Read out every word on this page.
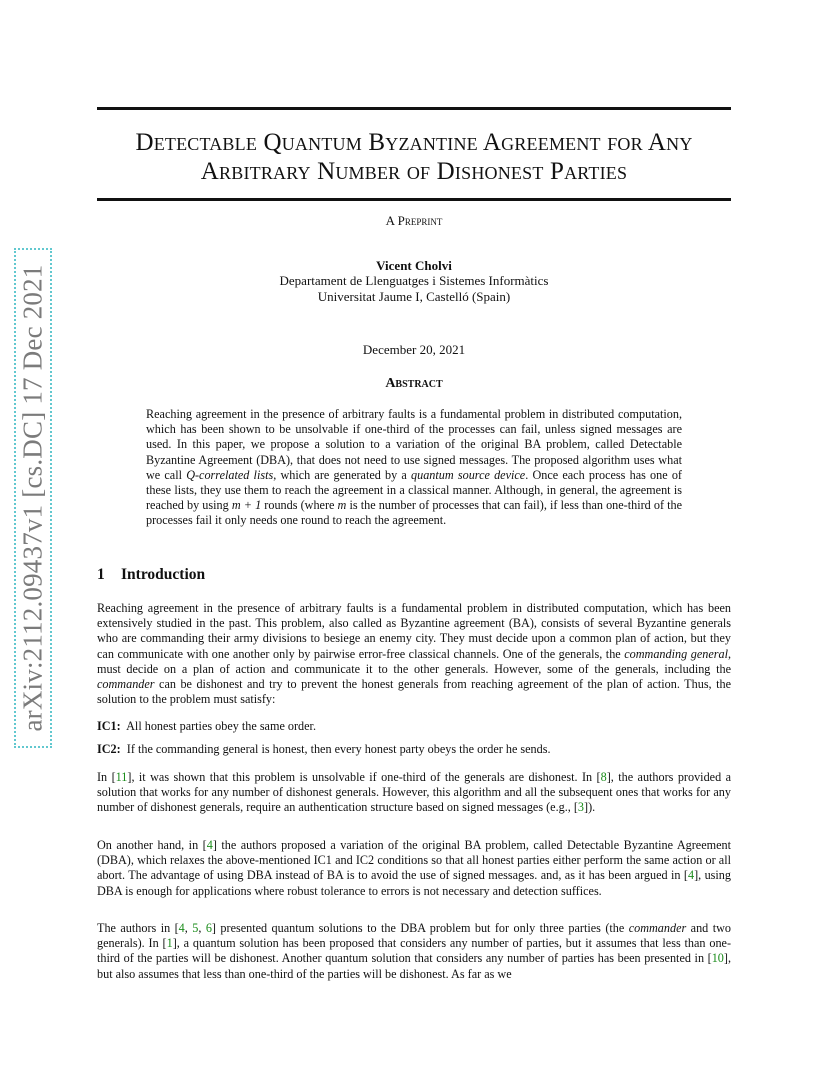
arXiv:2112.09437v1 [cs.DC] 17 Dec 2021
Detectable Quantum Byzantine Agreement for Any
Arbitrary Number of Dishonest Parties
A Preprint
Vicent Cholvi
Departament de Llenguatges i Sistemes Informàtics
Universitat Jaume I, Castelló (Spain)
December 20, 2021
Abstract

Reaching agreement in the presence of arbitrary faults is a fundamental problem in distributed computation, which has been shown to be unsolvable if one-third of the processes can fail, unless signed messages are used. In this paper, we propose a solution to a variation of the original BA problem, called Detectable Byzantine Agreement (DBA), that does not need to use signed messages. The proposed algorithm uses what we call Q-correlated lists, which are generated by a quantum source device. Once each process has one of these lists, they use them to reach the agreement in a classical manner. Although, in general, the agreement is reached by using m + 1 rounds (where m is the number of processes that can fail), if less than one-third of the processes fail it only needs one round to reach the agreement.

1 Introduction

Reaching agreement in the presence of arbitrary faults is a fundamental problem in distributed computation, which has been extensively studied in the past. This problem, also called as Byzantine agreement (BA), consists of several Byzantine generals who are commanding their army divisions to besiege an enemy city. They must decide upon a common plan of action, but they can communicate with one another only by pairwise error-free classical channels. One of the generals, the commanding general, must decide on a plan of action and communicate it to the other generals. However, some of the generals, including the commander can be dishonest and try to prevent the honest generals from reaching agreement of the plan of action. Thus, the solution to the problem must satisfy:

IC1: All honest parties obey the same order.

IC2: If the commanding general is honest, then every honest party obeys the order he sends.

In [11], it was shown that this problem is unsolvable if one-third of the generals are dishonest. In [8], the authors provided a solution that works for any number of dishonest generals. However, this algorithm and all the subsequent ones that works for any number of dishonest generals, require an authentication structure based on signed messages (e.g., [3]).

On another hand, in [4] the authors proposed a variation of the original BA problem, called Detectable Byzantine Agreement (DBA), which relaxes the above-mentioned IC1 and IC2 conditions so that all honest parties either perform the same action or all abort. The advantage of using DBA instead of BA is to avoid the use of signed messages. and, as it has been argued in [4], using DBA is enough for applications where robust tolerance to errors is not necessary and detection suffices.

The authors in [4, 5, 6] presented quantum solutions to the DBA problem but for only three parties (the commander and two generals). In [1], a quantum solution has been proposed that considers any number of parties, but it assumes that less than one-third of the parties will be dishonest. Another quantum solution that considers any number of parties has been presented in [10], but also assumes that less than one-third of the parties will be dishonest. As far as we
